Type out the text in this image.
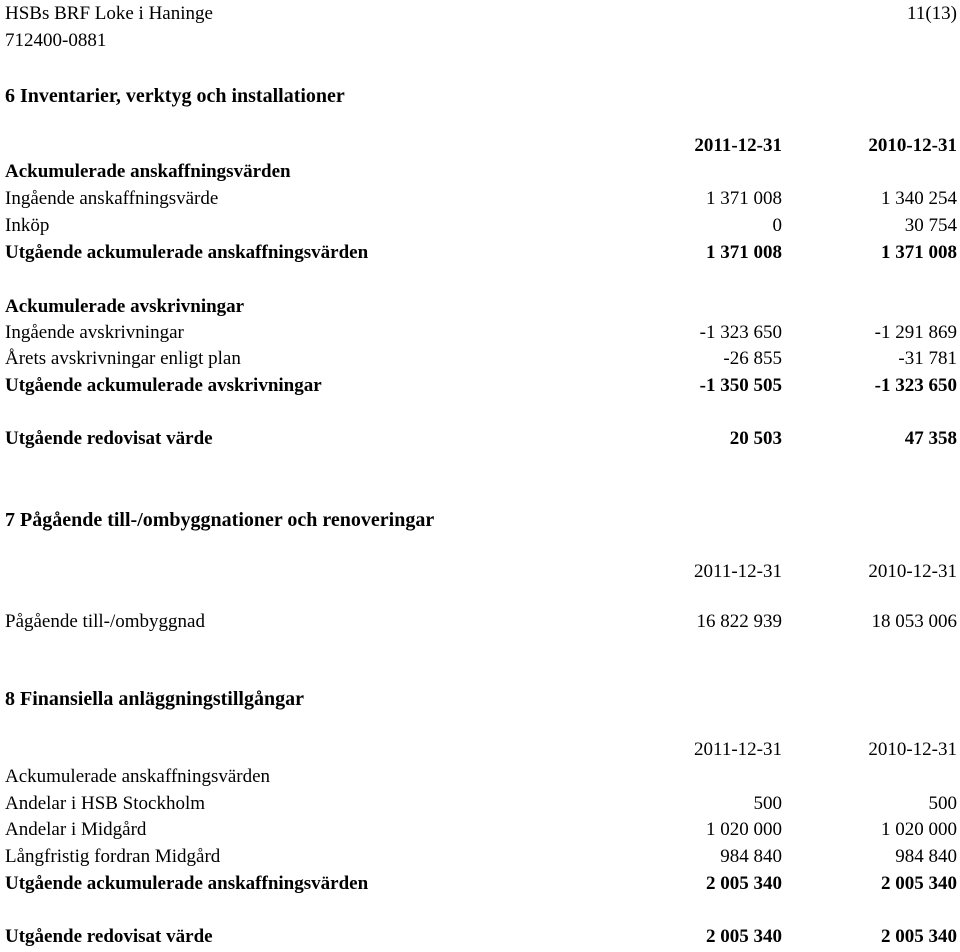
HSBs BRF Loke i Haninge
712400-0881
11(13)
6 Inventarier, verktyg och installationer
2011-12-31	2010-12-31
Ackumulerade anskaffningsvärden
Ingående anskaffningsvärde	1 371 008	1 340 254
Inköp	0	30 754
Utgående ackumulerade anskaffningsvärden	1 371 008	1 371 008
Ackumulerade avskrivningar
Ingående avskrivningar	-1 323 650	-1 291 869
Årets avskrivningar enligt plan	-26 855	-31 781
Utgående ackumulerade avskrivningar	-1 350 505	-1 323 650
Utgående redovisat värde	20 503	47 358
7 Pågående till-/ombyggnationer och renoveringar
2011-12-31	2010-12-31
Pågående till-/ombyggnad	16 822 939	18 053 006
8 Finansiella anläggningstillgångar
2011-12-31	2010-12-31
Ackumulerade anskaffningsvärden
Andelar i HSB Stockholm	500	500
Andelar i Midgård	1 020 000	1 020 000
Långfristig fordran Midgård	984 840	984 840
Utgående ackumulerade anskaffningsvärden	2 005 340	2 005 340
Utgående redovisat värde	2 005 340	2 005 340
